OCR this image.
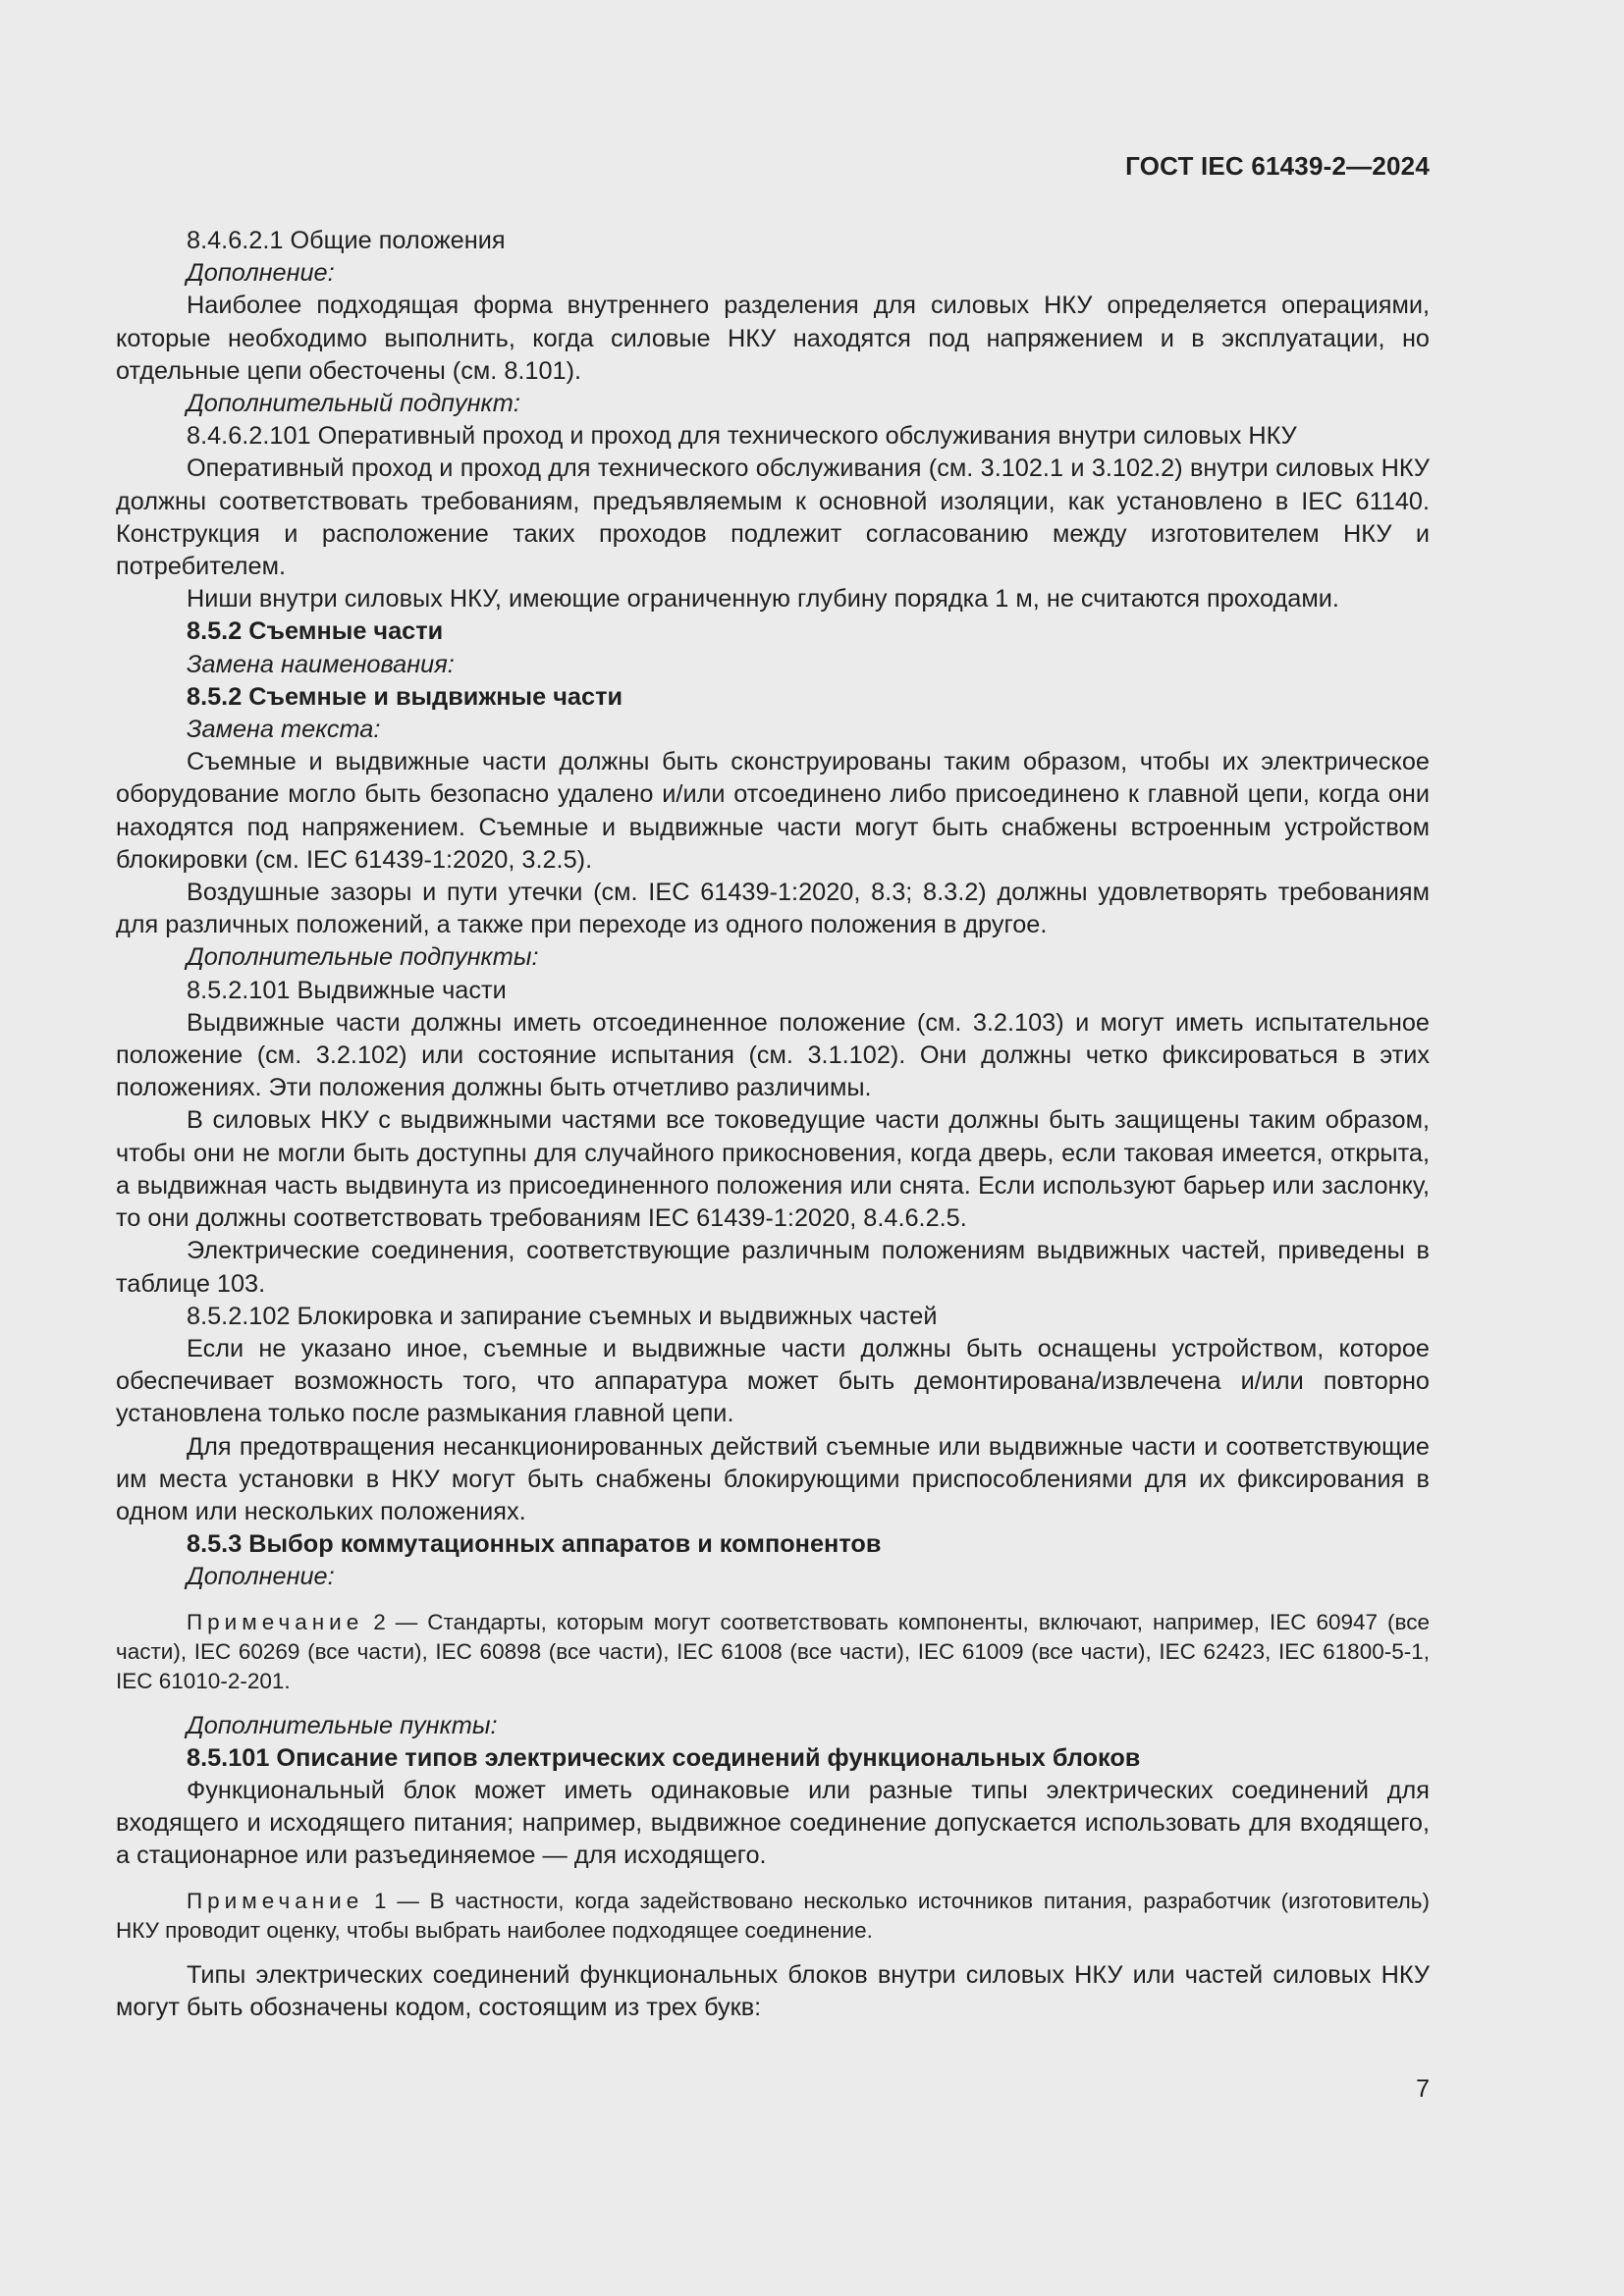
ГОСТ IEC 61439-2—2024

8.4.6.2.1 Общие положения

Дополнение:

Наиболее подходящая форма внутреннего разделения для силовых НКУ определяется операциями, которые необходимо выполнить, когда силовые НКУ находятся под напряжением и в эксплуатации, но отдельные цепи обесточены (см. 8.101).

Дополнительный подпункт:

8.4.6.2.101 Оперативный проход и проход для технического обслуживания внутри силовых НКУ

Оперативный проход и проход для технического обслуживания (см. 3.102.1 и 3.102.2) внутри силовых НКУ должны соответствовать требованиям, предъявляемым к основной изоляции, как установлено в IEC 61140. Конструкция и расположение таких проходов подлежит согласованию между изготовителем НКУ и потребителем.

Ниши внутри силовых НКУ, имеющие ограниченную глубину порядка 1 м, не считаются проходами.

8.5.2 Съемные части

Замена наименования:

8.5.2 Съемные и выдвижные части

Замена текста:

Съемные и выдвижные части должны быть сконструированы таким образом, чтобы их электрическое оборудование могло быть безопасно удалено и/или отсоединено либо присоединено к главной цепи, когда они находятся под напряжением. Съемные и выдвижные части могут быть снабжены встроенным устройством блокировки (см. IEC 61439-1:2020, 3.2.5).

Воздушные зазоры и пути утечки (см. IEC 61439-1:2020, 8.3; 8.3.2) должны удовлетворять требованиям для различных положений, а также при переходе из одного положения в другое.

Дополнительные подпункты:

8.5.2.101 Выдвижные части

Выдвижные части должны иметь отсоединенное положение (см. 3.2.103) и могут иметь испытательное положение (см. 3.2.102) или состояние испытания (см. 3.1.102). Они должны четко фиксироваться в этих положениях. Эти положения должны быть отчетливо различимы.

В силовых НКУ с выдвижными частями все токоведущие части должны быть защищены таким образом, чтобы они не могли быть доступны для случайного прикосновения, когда дверь, если таковая имеется, открыта, а выдвижная часть выдвинута из присоединенного положения или снята. Если используют барьер или заслонку, то они должны соответствовать требованиям IEC 61439-1:2020, 8.4.6.2.5.

Электрические соединения, соответствующие различным положениям выдвижных частей, приведены в таблице 103.

8.5.2.102 Блокировка и запирание съемных и выдвижных частей

Если не указано иное, съемные и выдвижные части должны быть оснащены устройством, которое обеспечивает возможность того, что аппаратура может быть демонтирована/извлечена и/или повторно установлена только после размыкания главной цепи.

Для предотвращения несанкционированных действий съемные или выдвижные части и соответствующие им места установки в НКУ могут быть снабжены блокирующими приспособлениями для их фиксирования в одном или нескольких положениях.

8.5.3 Выбор коммутационных аппаратов и компонентов

Дополнение:

Примечание 2 — Стандарты, которым могут соответствовать компоненты, включают, например, IEC 60947 (все части), IEC 60269 (все части), IEC 60898 (все части), IEC 61008 (все части), IEC 61009 (все части), IEC 62423, IEC 61800-5-1, IEC 61010-2-201.

Дополнительные пункты:

8.5.101 Описание типов электрических соединений функциональных блоков

Функциональный блок может иметь одинаковые или разные типы электрических соединений для входящего и исходящего питания; например, выдвижное соединение допускается использовать для входящего, а стационарное или разъединяемое — для исходящего.

Примечание 1 — В частности, когда задействовано несколько источников питания, разработчик (изготовитель) НКУ проводит оценку, чтобы выбрать наиболее подходящее соединение.

Типы электрических соединений функциональных блоков внутри силовых НКУ или частей силовых НКУ могут быть обозначены кодом, состоящим из трех букв:

7
